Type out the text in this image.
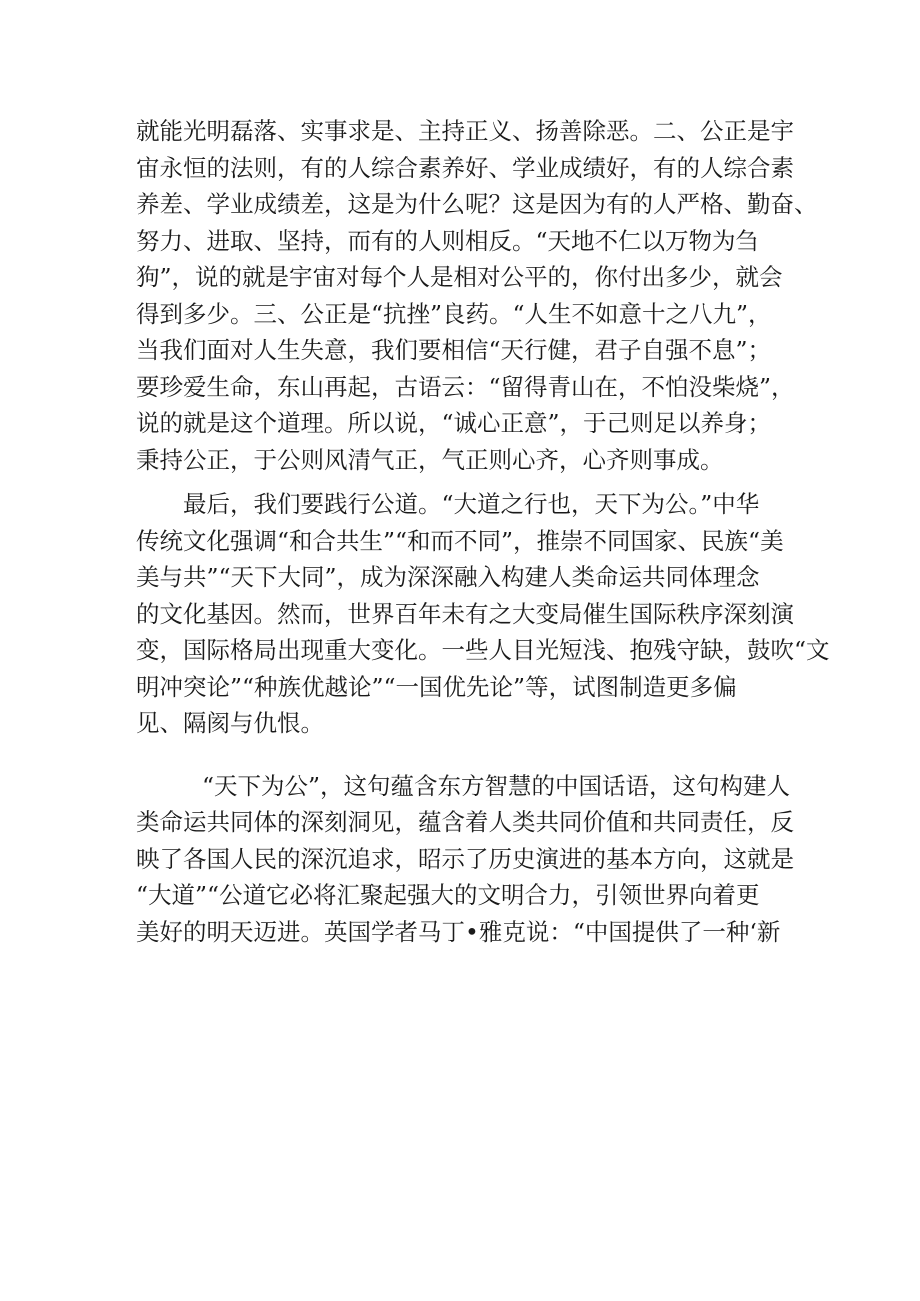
就能光明磊落、实事求是、主持正义、扬善除恶。二、公正是宇
宙永恒的法则，有的人综合素养好、学业成绩好，有的人综合素
养差、学业成绩差，这是为什么呢？这是因为有的人严格、勤奋、
努力、进取、坚持，而有的人则相反。“天地不仁以万物为刍
狗”，说的就是宇宙对每个人是相对公平的，你付出多少，就会
得到多少。三、公正是“抗挫”良药。“人生不如意十之八九”，
当我们面对人生失意，我们要相信“天行健，君子自强不息”；
要珍爱生命，东山再起，古语云：“留得青山在，不怕没柴烧”，
说的就是这个道理。所以说，“诚心正意”，于己则足以养身；
秉持公正，于公则风清气正，气正则心齐，心齐则事成。
最后，我们要践行公道。“大道之行也，天下为公。”中华
传统文化强调“和合共生”“和而不同”，推崇不同国家、民族“美
美与共”“天下大同”，成为深深融入构建人类命运共同体理念
的文化基因。然而，世界百年未有之大变局催生国际秩序深刻演
变，国际格局出现重大变化。一些人目光短浅、抱残守缺，鼓吹“文
明冲突论”“种族优越论”“一国优先论”等，试图制造更多偏
见、隔阂与仇恨。
“天下为公”，这句蕴含东方智慧的中国话语，这句构建人
类命运共同体的深刻洞见，蕴含着人类共同价值和共同责任，反
映了各国人民的深沉追求，昭示了历史演进的基本方向，这就是
“大道”“公道它必将汇聚起强大的文明合力，引领世界向着更
美好的明天迈进。英国学者马丁•雅克说：“中国提供了一种‘新
